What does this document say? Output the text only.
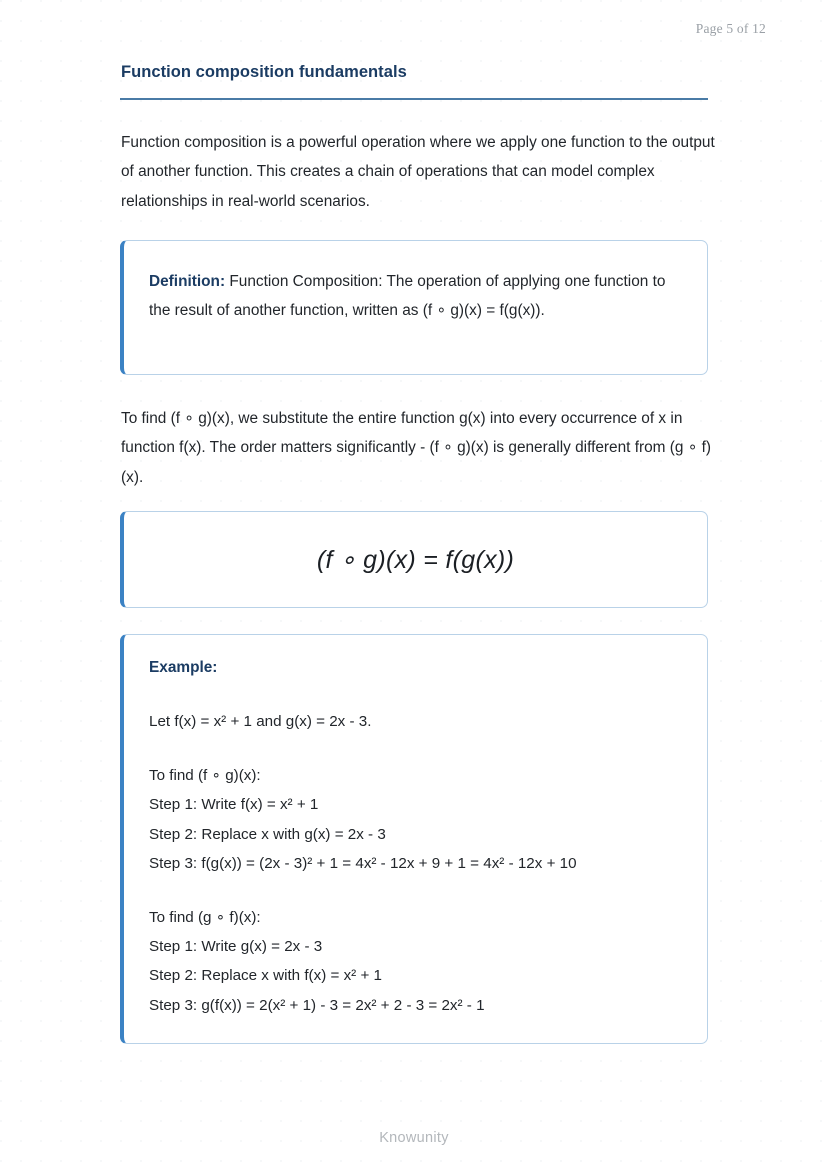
Page 5 of 12
Function composition fundamentals
Function composition is a powerful operation where we apply one function to the output of another function. This creates a chain of operations that can model complex relationships in real-world scenarios.

Definition: Function Composition: The operation of applying one function to the result of another function, written as (f ∘ g)(x) = f(g(x)).

To find (f ∘ g)(x), we substitute the entire function g(x) into every occurrence of x in function f(x). The order matters significantly - (f ∘ g)(x) is generally different from (g ∘ f)(x).
(f ∘ g)(x) = f(g(x))

Example:

Let f(x) = x² + 1 and g(x) = 2x - 3.

To find (f ∘ g)(x):

Step 1: Write f(x) = x² + 1

Step 2: Replace x with g(x) = 2x - 3

Step 3: f(g(x)) = (2x - 3)² + 1 = 4x² - 12x + 9 + 1 = 4x² - 12x + 10

To find (g ∘ f)(x):

Step 1: Write g(x) = 2x - 3

Step 2: Replace x with f(x) = x² + 1

Step 3: g(f(x)) = 2(x² + 1) - 3 = 2x² + 2 - 3 = 2x² - 1

Knowunity
